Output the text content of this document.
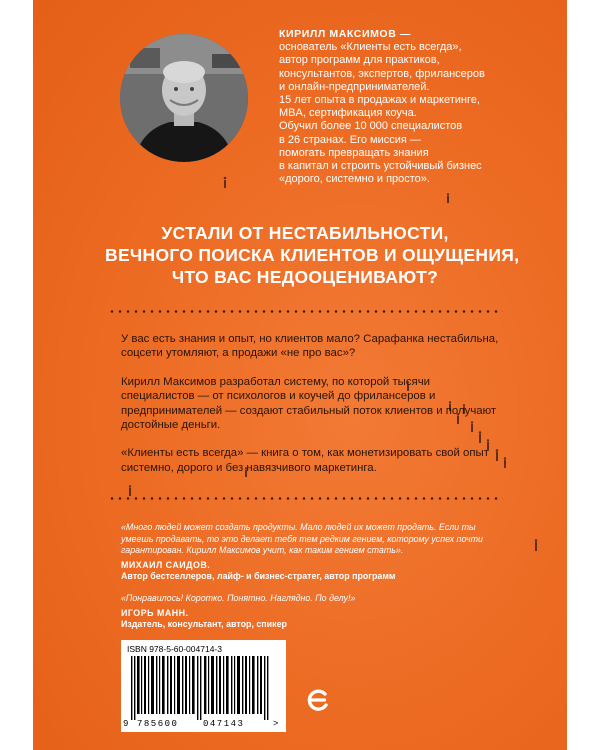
КИРИЛЛ МАКСИМОВ —

основатель «Клиенты есть всегда»,

автор программ для практиков,

консультантов, экспертов, фрилансеров

и онлайн-предпринимателей.

15 лет опыта в продажах и маркетинге,

MBA, сертификация коуча.

Обучил более 10 000 специалистов

в 26 странах. Его миссия —

помогать превращать знания

в капитал и строить устойчивый бизнес

«дорого, системно и просто».

УСТАЛИ ОТ НЕСТАБИЛЬНОСТИ,
ВЕЧНОГО ПОИСКА КЛИЕНТОВ И ОЩУЩЕНИЯ,
ЧТО ВАС НЕДООЦЕНИВАЮТ?

У вас есть знания и опыт, но клиентов мало? Сарафанка нестабильна, соцсети утомляют, а продажи «не про вас»?

Кирилл Максимов разработал систему, по которой тысячи специалистов — от психологов и коучей до фрилансеров и предпринимателей — создают стабильный поток клиентов и получают достойные деньги.

«Клиенты есть всегда» — книга о том, как монетизировать свой опыт системно, дорого и без навязчивого маркетинга.

«Много людей может создать продукты. Мало людей их может продать. Если ты умеешь продавать, то это делает тебя тем редким гением, которому успех почти гарантирован. Кирилл Максимов учит, как таким гением стать».

МИХАИЛ САИДОВ.
Автор бестселлеров, лайф- и бизнес-стратег, автор программ

«Понравилось! Коротко. Понятно. Наглядно. По делу!»

ИГОРЬ МАНН.
Издатель, консультант, автор, спикер

ISBN 978-5-60-004714-3
9 785600	047143	>
